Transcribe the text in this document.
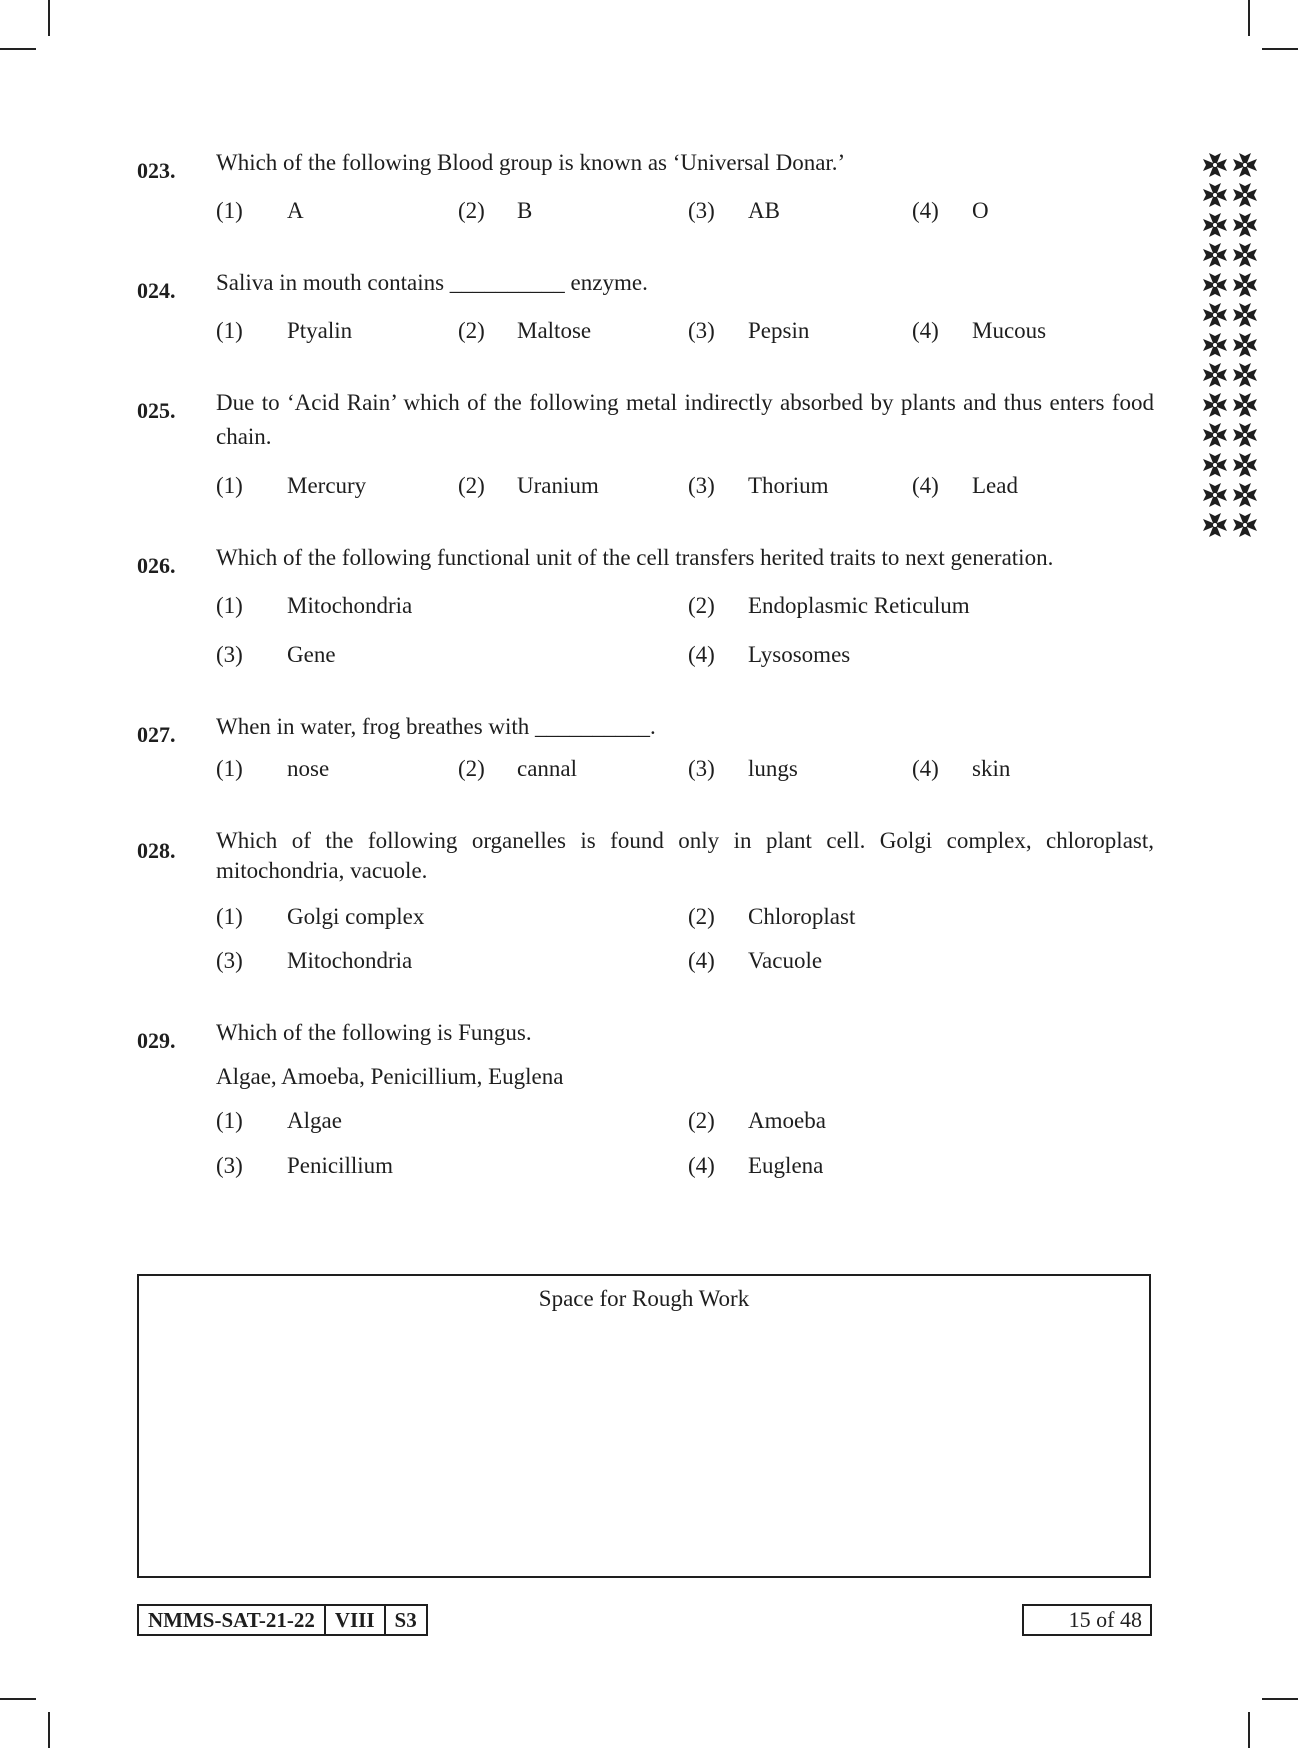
023. Which of the following Blood group is known as ‘Universal Donar.’
(1) A	(2) B	(3) AB	(4) O
024. Saliva in mouth contains __________ enzyme.
(1) Ptyalin	(2) Maltose	(3) Pepsin	(4) Mucous
025. Due to ‘Acid Rain’ which of the following metal indirectly absorbed by plants and thus enters food chain.
(1) Mercury	(2) Uranium	(3) Thorium	(4) Lead
026. Which of the following functional unit of the cell transfers herited traits to next generation.
(1) Mitochondria	(2) Endoplasmic Reticulum
(3) Gene	(4) Lysosomes
027. When in water, frog breathes with __________.
(1) nose	(2) cannal	(3) lungs	(4) skin
028. Which of the following organelles is found only in plant cell. Golgi complex, chloroplast, mitochondria, vacuole.
(1) Golgi complex	(2) Chloroplast
(3) Mitochondria	(4) Vacuole
029. Which of the following is Fungus.
Algae, Amoeba, Penicillium, Euglena
(1) Algae	(2) Amoeba
(3) Penicillium	(4) Euglena
Space for Rough Work
NMMS-SAT-21-22 VIII S3	15 of 48
